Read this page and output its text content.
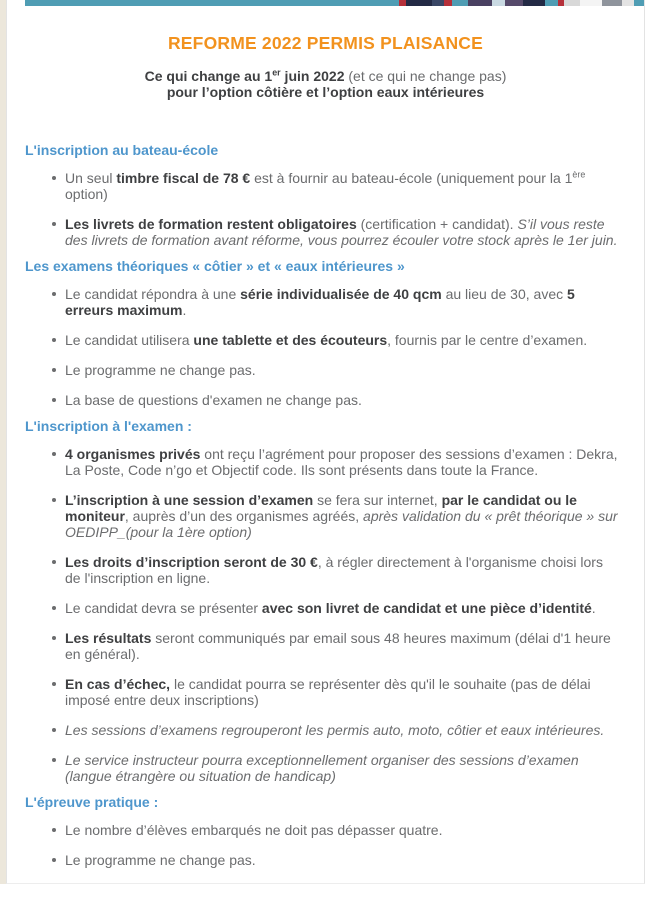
REFORME 2022 PERMIS PLAISANCE
Ce qui change au 1er juin 2022 (et ce qui ne change pas)
pour l’option côtière et l’option eaux intérieures
L'inscription au bateau-école
Un seul timbre fiscal de 78 € est à fournir au bateau-école (uniquement pour la 1ère option)
Les livrets de formation restent obligatoires (certification + candidat). S’il vous reste des livrets de formation avant réforme, vous pourrez écouler votre stock après le 1er juin.
Les examens théoriques « côtier » et « eaux intérieures »
Le candidat répondra à une série individualisée de 40 qcm au lieu de 30, avec 5 erreurs maximum.
Le candidat utilisera une tablette et des écouteurs, fournis par le centre d’examen.
Le programme ne change pas.
La base de questions d'examen ne change pas.
L'inscription à l'examen :
4 organismes privés ont reçu l’agrément pour proposer des sessions d’examen : Dekra, La Poste, Code n’go et Objectif code. Ils sont présents dans toute la France.
L’inscription à une session d’examen se fera sur internet, par le candidat ou le moniteur, auprès d’un des organismes agréés, après validation du « prêt théorique » sur OEDIPP_(pour la 1ère option)
Les droits d’inscription seront de 30 €, à régler directement à l'organisme choisi lors de l'inscription en ligne.
Le candidat devra se présenter avec son livret de candidat et une pièce d’identité.
Les résultats seront communiqués par email sous 48 heures maximum (délai d'1 heure en général).
En cas d’échec, le candidat pourra se représenter dès qu'il le souhaite (pas de délai imposé entre deux inscriptions)
Les sessions d’examens regrouperont les permis auto, moto, côtier et eaux intérieures.
Le service instructeur pourra exceptionnellement organiser des sessions d’examen (langue étrangère ou situation de handicap)
L'épreuve pratique :
Le nombre d’élèves embarqués ne doit pas dépasser quatre.
Le programme ne change pas.
